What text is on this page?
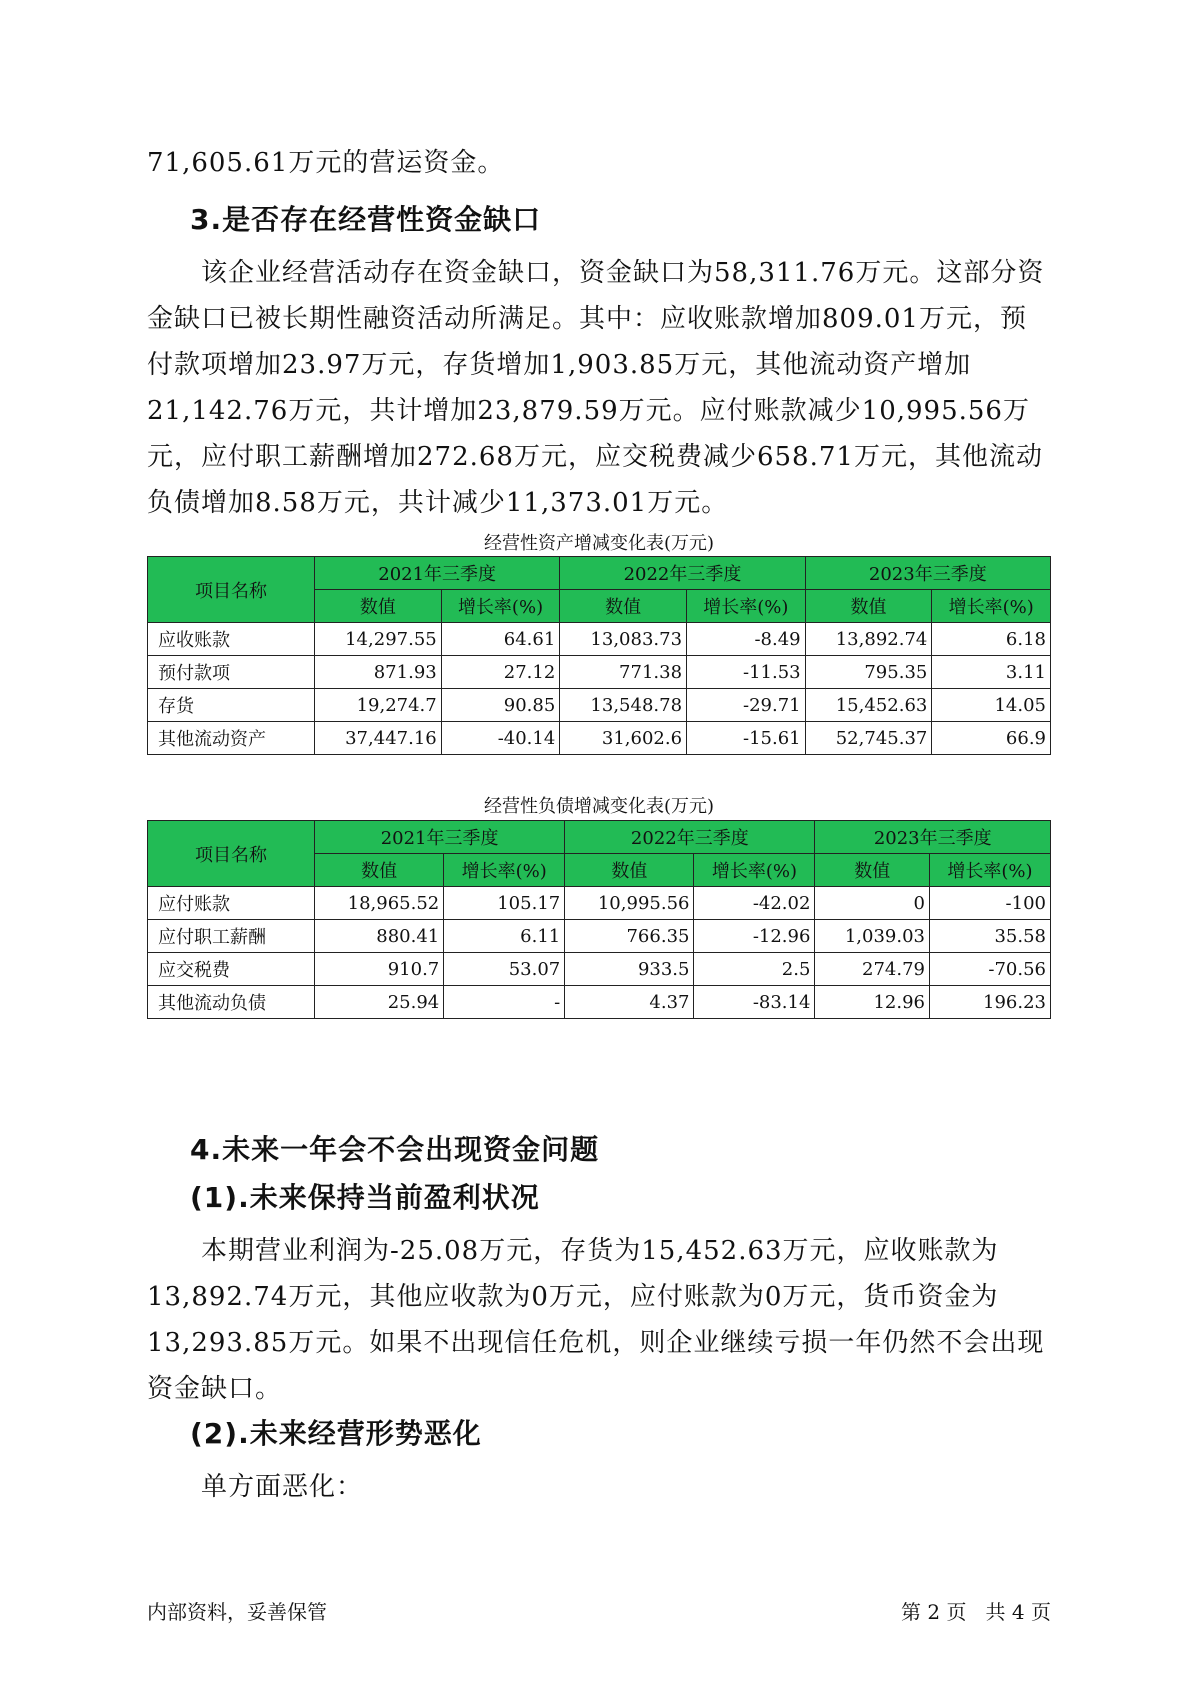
71,605.61万元的营运资金。
3.是否存在经营性资金缺口
该企业经营活动存在资金缺口，资金缺口为58,311.76万元。这部分资金缺口已被长期性融资活动所满足。其中：应收账款增加809.01万元，预付款项增加23.97万元，存货增加1,903.85万元，其他流动资产增加21,142.76万元，共计增加23,879.59万元。应付账款减少10,995.56万元，应付职工薪酬增加272.68万元，应交税费减少658.71万元，其他流动负债增加8.58万元，共计减少11,373.01万元。
经营性资产增减变化表(万元)
项目名称	2021年三季度		2022年三季度		2023年三季度	
	数值	增长率(%)	数值	增长率(%)	数值	增长率(%)
应收账款	14,297.55	64.61	13,083.73	-8.49	13,892.74	6.18
预付款项	871.93	27.12	771.38	-11.53	795.35	3.11
存货	19,274.7	90.85	13,548.78	-29.71	15,452.63	14.05
其他流动资产	37,447.16	-40.14	31,602.6	-15.61	52,745.37	66.9
经营性负债增减变化表(万元)
项目名称	2021年三季度		2022年三季度		2023年三季度	
	数值	增长率(%)	数值	增长率(%)	数值	增长率(%)
应付账款	18,965.52	105.17	10,995.56	-42.02	0	-100
应付职工薪酬	880.41	6.11	766.35	-12.96	1,039.03	35.58
应交税费	910.7	53.07	933.5	2.5	274.79	-70.56
其他流动负债	25.94	-	4.37	-83.14	12.96	196.23
4.未来一年会不会出现资金问题
(1).未来保持当前盈利状况
本期营业利润为-25.08万元，存货为15,452.63万元，应收账款为13,892.74万元，其他应收款为0万元，应付账款为0万元，货币资金为13,293.85万元。如果不出现信任危机，则企业继续亏损一年仍然不会出现资金缺口。
(2).未来经营形势恶化
单方面恶化：
内部资料，妥善保管	第 2 页   共 4 页
